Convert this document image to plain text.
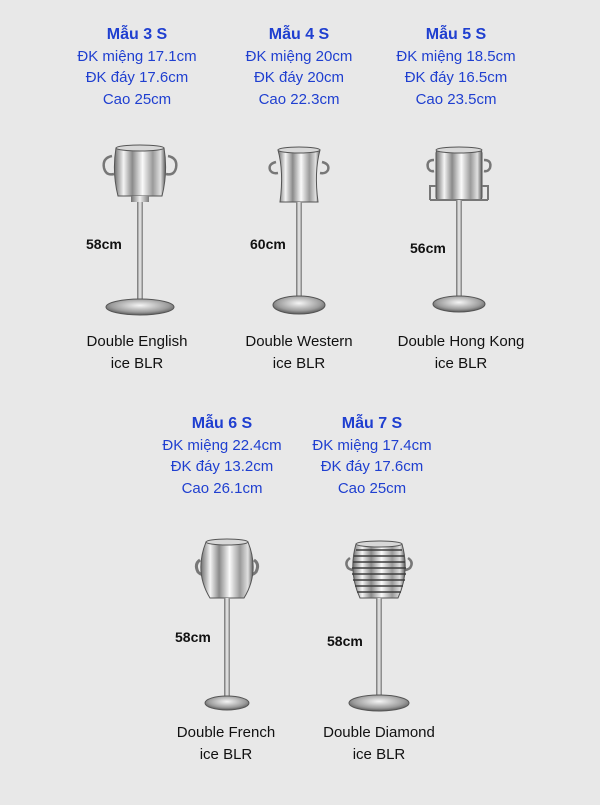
Mẫu 3 S
ĐK miệng 17.1cm
ĐK đáy 17.6cm
Cao 25cm
58cm
Double English
ice BLR
Mẫu 4 S
ĐK miệng 20cm
ĐK đáy 20cm
Cao 22.3cm
60cm
Double Western
ice BLR
Mẫu 5 S
ĐK miệng 18.5cm
ĐK đáy 16.5cm
Cao 23.5cm
56cm
Double Hong Kong
ice BLR
Mẫu 6 S
ĐK miệng 22.4cm
ĐK đáy 13.2cm
Cao 26.1cm
58cm
Double French
ice BLR
Mẫu 7 S
ĐK miệng 17.4cm
ĐK đáy 17.6cm
Cao 25cm
58cm
Double Diamond
ice BLR
